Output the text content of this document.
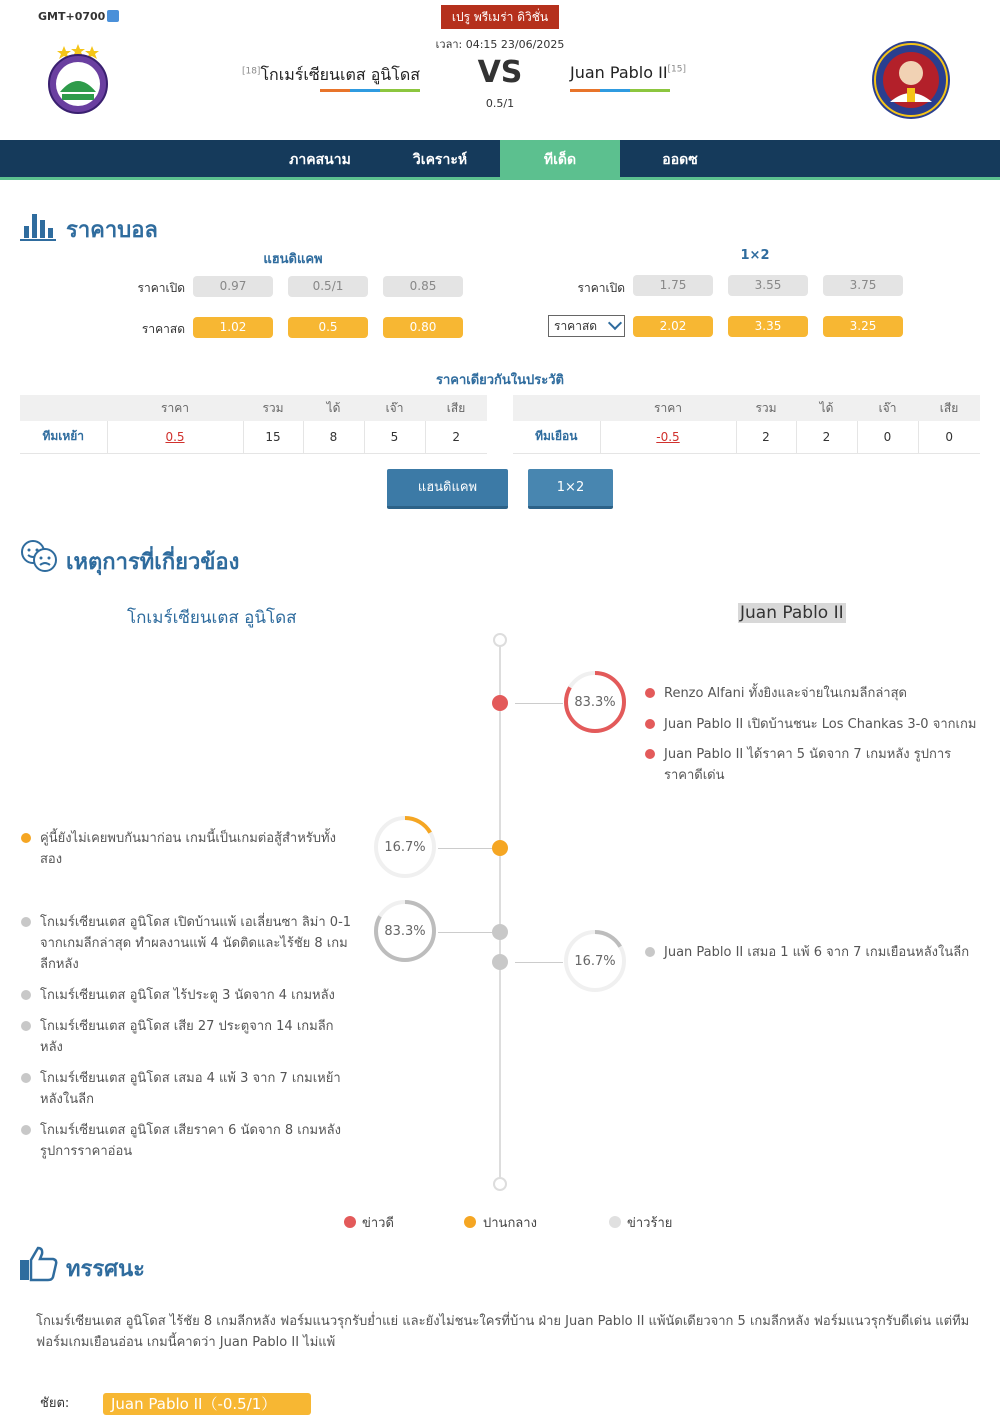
GMT+0700	เปรู พรีเมร่า ดิวิชั่น
เวลา: 04:15 23/06/2025
[18]โกเมร์เซียนเตส อูนิโดส	VS
0.5/1
Juan Pablo II[15]
ภาคสนาม	วิเคราะห์	ทีเด็ด	ออดซ
ราคาบอล
แฮนดิแคพ	1×2
ราคาเปิด	0.97	0.5/1	0.85
ราคาสด	1.02	0.5	0.80
ราคาเปิด	1.75	3.55	3.75
ราคาสด	2.02	3.35	3.25
ราคาเดียวกันในประวัติ
	ราคา	รวม	ได้	เจ๊า	เสีย
ทีมเหย้า	0.5	15	8	5	2
	ราคา	รวม	ได้	เจ๊า	เสีย
ทีมเยือน	-0.5	2	2	0	0
แฮนดิแคพ	1×2
เหตุการที่เกี่ยวข้อง
โกเมร์เซียนเตส อูนิโดส	Juan Pablo II
83.3%
Renzo Alfani ทั้งยิงและจ่ายในเกมลีกล่าสุด
Juan Pablo II เปิดบ้านชนะ Los Chankas 3-0 จากเกม
Juan Pablo II ได้ราคา 5 นัดจาก 7 เกมหลัง รูปการ ราคาดีเด่น
16.7%
คู่นี้ยังไม่เคยพบกันมาก่อน เกมนี้เป็นเกมต่อสู้สำหรับทั้ง สอง
83.3%
โกเมร์เซียนเตส อูนิโดส เปิดบ้านแพ้ เอเลี่ยนซา ลิม่า 0-1 จากเกมลีกล่าสุด ทำผลงานแพ้ 4 นัดติดและไร้ชัย 8 เกมลีกหลัง
โกเมร์เซียนเตส อูนิโดส ไร้ประตู 3 นัดจาก 4 เกมหลัง
โกเมร์เซียนเตส อูนิโดส เสีย 27 ประตูจาก 14 เกมลีก หลัง
โกเมร์เซียนเตส อูนิโดส เสมอ 4 แพ้ 3 จาก 7 เกมเหย้า หลังในลีก
โกเมร์เซียนเตส อูนิโดส เสียราคา 6 นัดจาก 8 เกมหลัง รูปการราคาอ่อน
16.7%
Juan Pablo II เสมอ 1 แพ้ 6 จาก 7 เกมเยือนหลังในลีก
ข่าวดี	ปานกลาง	ข่าวร้าย
ทรรศนะ
โกเมร์เซียนเตส อูนิโดส ไร้ชัย 8 เกมลีกหลัง ฟอร์มแนวรุกรับย่ำแย่ และยังไม่ชนะใครที่บ้าน ฝ่าย Juan Pablo II แพ้นัดเดียวจาก 5 เกมลีกหลัง ฟอร์มแนวรุกรับดีเด่น แต่ทีมฟอร์มเกมเยือนอ่อน เกมนี้คาดว่า Juan Pablo II ไม่แพ้
ชัยต:	Juan Pablo II（-0.5/1）
